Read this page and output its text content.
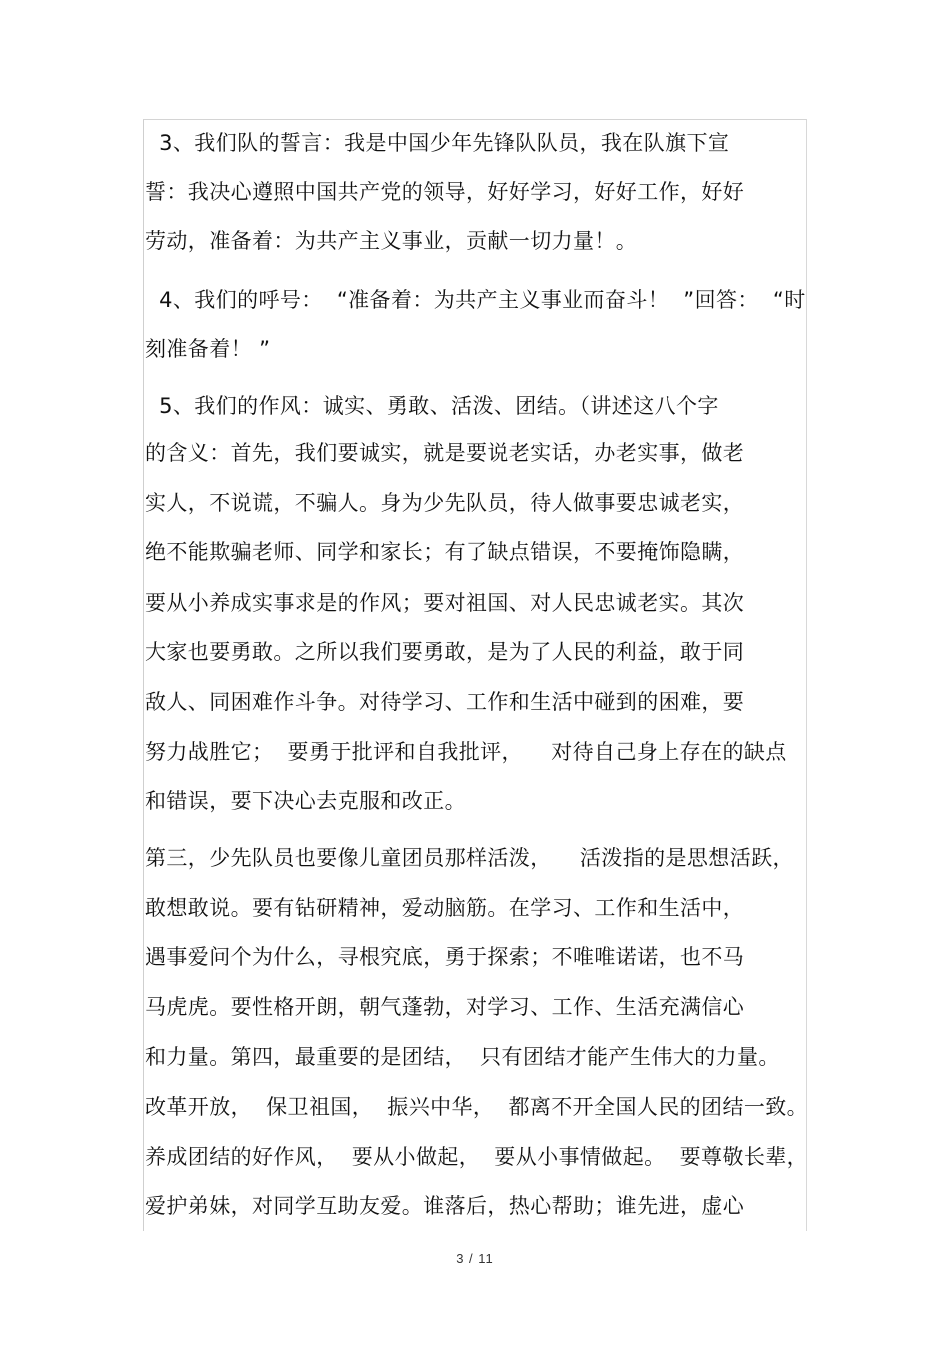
3、我们队的誓言：我是中国少年先锋队队员，我在队旗下宣
誓：我决心遵照中国共产党的领导，好好学习，好好工作，好好
劳动，准备着：为共产主义事业，贡献一切力量！。
4、我们的呼号：  “准备着：为共产主义事业而奋斗！  ”回答：  “时
刻准备着！ ”
5、我们的作风：诚实、勇敢、活泼、团结。（讲述这八个字
的含义：首先，我们要诚实，就是要说老实话，办老实事，做老
实人，不说谎，不骗人。身为少先队员，待人做事要忠诚老实，
绝不能欺骗老师、同学和家长；有了缺点错误，不要掩饰隐瞒，
要从小养成实事求是的作风；要对祖国、对人民忠诚老实。其次
大家也要勇敢。之所以我们要勇敢，是为了人民的利益，敢于同
敌人、同困难作斗争。对待学习、工作和生活中碰到的困难，要
努力战胜它；  要勇于批评和自我批评，    对待自己身上存在的缺点
和错误，要下决心去克服和改正。
第三，少先队员也要像儿童团员那样活泼，    活泼指的是思想活跃，
敢想敢说。要有钻研精神，爱动脑筋。在学习、工作和生活中，
遇事爱问个为什么，寻根究底，勇于探索；不唯唯诺诺，也不马
马虎虎。要性格开朗，朝气蓬勃，对学习、工作、生活充满信心
和力量。第四，最重要的是团结，  只有团结才能产生伟大的力量。
改革开放，  保卫祖国，  振兴中华，  都离不开全国人民的团结一致。
养成团结的好作风，  要从小做起，  要从小事情做起。  要尊敬长辈，
爱护弟妹，对同学互助友爱。谁落后，热心帮助；谁先进，虚心
3 / 11
